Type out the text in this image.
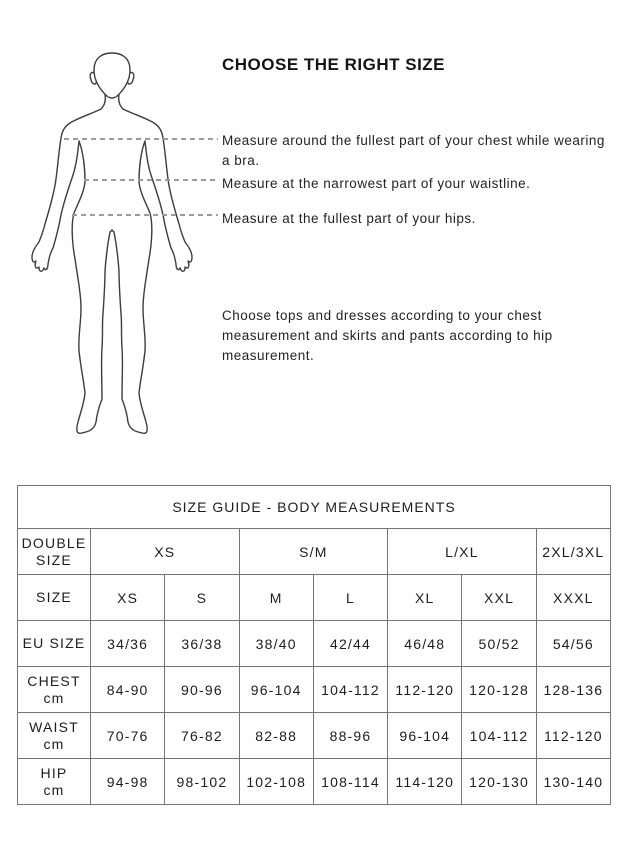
CHOOSE THE RIGHT SIZE

Measure around the fullest part of your chest while wearing a bra.

Measure at the narrowest part of your waistline.

Measure at the fullest part of your hips.

Choose tops and dresses according to your chest measurement and skirts and pants according to hip measurement.

SIZE GUIDE - BODY MEASUREMENTS							

DOUBLE
SIZE	XS		S/M		L/XL		2XL/3XL

SIZE	XS	S	M	L	XL	XXL	XXXL

EU SIZE	34/36	36/38	38/40	42/44	46/48	50/52	54/56

CHEST
cm	84-90	90-96	96-104	104-112	112-120	120-128	128-136

WAIST
cm	70-76	76-82	82-88	88-96	96-104	104-112	112-120

HIP
cm	94-98	98-102	102-108	108-114	114-120	120-130	130-140
